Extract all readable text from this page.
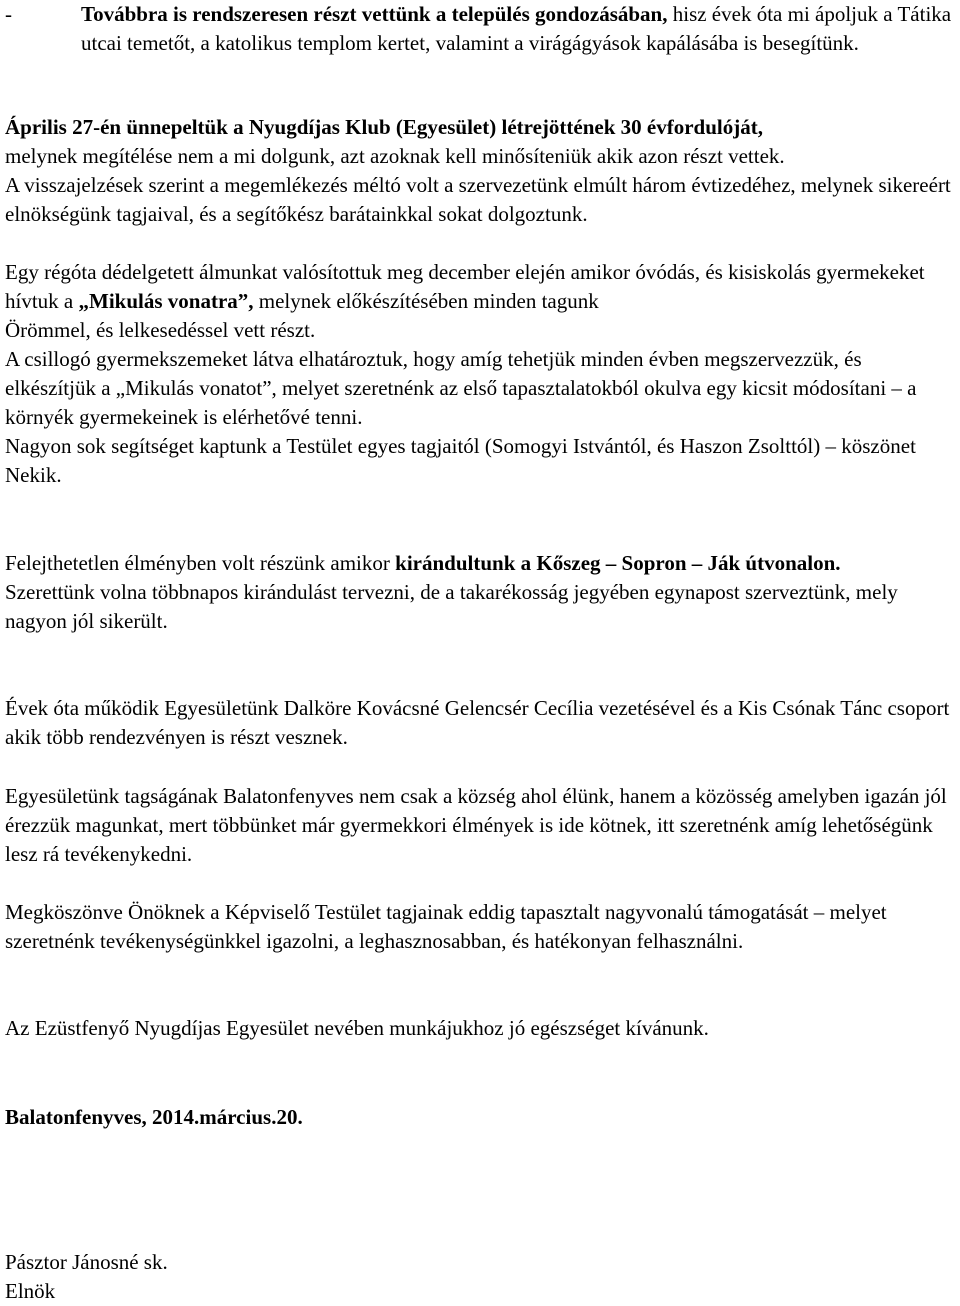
-	Továbbra is rendszeresen részt vettünk a település gondozásában, hisz évek óta mi ápoljuk a Tátika utcai temetőt, a katolikus templom kertet, valamint a virágágyások kapálásába is besegítünk.

Április 27-én ünnepeltük a Nyugdíjas Klub (Egyesület) létrejöttének 30 évfordulóját,

melynek megítélése nem a mi dolgunk, azt azoknak kell minősíteniük akik azon részt vettek.

A visszajelzések szerint a megemlékezés méltó volt a szervezetünk elmúlt három évtizedéhez, melynek sikereért elnökségünk tagjaival, és a segítőkész barátainkkal sokat dolgoztunk.

Egy régóta dédelgetett álmunkat valósítottuk meg december elején amikor óvódás, és kisiskolás gyermekeket hívtuk a „Mikulás vonatra”, melynek előkészítésében minden tagunk

Örömmel, és lelkesedéssel vett részt.

A csillogó gyermekszemeket látva elhatároztuk, hogy amíg tehetjük minden évben megszervezzük, és elkészítjük a „Mikulás vonatot”, melyet szeretnénk az első tapasztalatokból okulva egy kicsit módosítani – a környék gyermekeinek is elérhetővé tenni.

Nagyon sok segítséget kaptunk a Testület egyes tagjaitól (Somogyi Istvántól, és Haszon Zsolttól) – köszönet Nekik.

Felejthetetlen élményben volt részünk amikor kirándultunk a Kőszeg – Sopron – Ják útvonalon.

Szerettünk volna többnapos kirándulást tervezni, de a takarékosság jegyében egynapost szerveztünk, mely nagyon jól sikerült.

Évek óta működik Egyesületünk Dalköre Kovácsné Gelencsér Cecília vezetésével és a Kis Csónak Tánc csoport akik több rendezvényen is részt vesznek.

Egyesületünk tagságának Balatonfenyves nem csak a község ahol élünk, hanem a közösség amelyben igazán jól érezzük magunkat, mert többünket már gyermekkori élmények is ide kötnek, itt szeretnénk amíg lehetőségünk lesz rá tevékenykedni.

Megköszönve Önöknek a Képviselő Testület tagjainak eddig tapasztalt nagyvonalú támogatását – melyet szeretnénk tevékenységünkkel igazolni, a leghasznosabban, és hatékonyan felhasználni.

Az Ezüstfenyő Nyugdíjas Egyesület nevében munkájukhoz jó egészséget kívánunk.

Balatonfenyves, 2014.március.20.

Pásztor Jánosné sk.

Elnök
